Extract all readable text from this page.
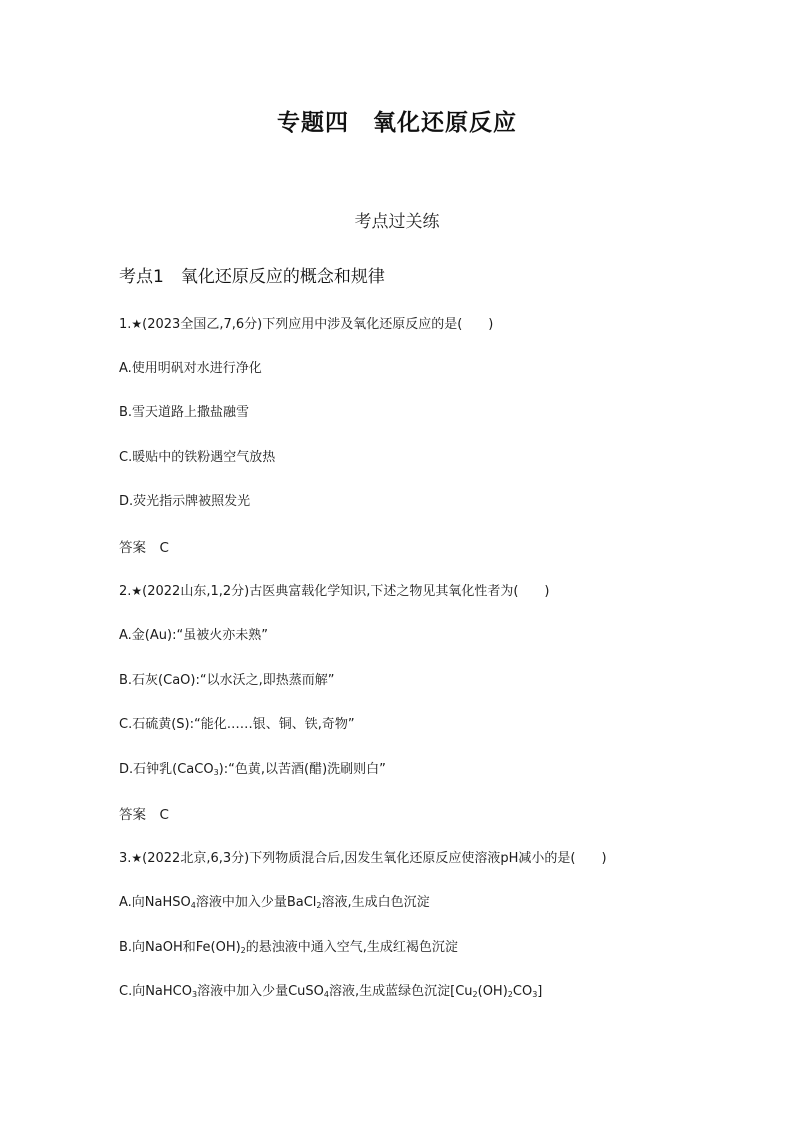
专题四　氧化还原反应
考点过关练
考点1　氧化还原反应的概念和规律
1.★(2023全国乙,7,6分)下列应用中涉及氧化还原反应的是(　　)
A.使用明矾对水进行净化
B.雪天道路上撒盐融雪
C.暖贴中的铁粉遇空气放热
D.荧光指示牌被照发光
答案　C
2.★(2022山东,1,2分)古医典富载化学知识,下述之物见其氧化性者为(　　)
A.金(Au):“虽被火亦未熟”
B.石灰(CaO):“以水沃之,即热蒸而解”
C.石硫黄(S):“能化……银、铜、铁,奇物”
D.石钟乳(CaCO$_3$):“色黄,以苦酒(醋)洗刷则白”
答案　C
3.★(2022北京,6,3分)下列物质混合后,因发生氧化还原反应使溶液pH减小的是(　　)
A.向NaHSO$_4$溶液中加入少量BaCl$_2$溶液,生成白色沉淀
B.向NaOH和$Fe(OH)_2$的悬浊液中通入空气,生成红褐色沉淀
C.向NaHCO$_3$溶液中加入少量CuSO$_4$溶液,生成蓝绿色沉淀$[Cu_2(OH)_2CO_3]$
